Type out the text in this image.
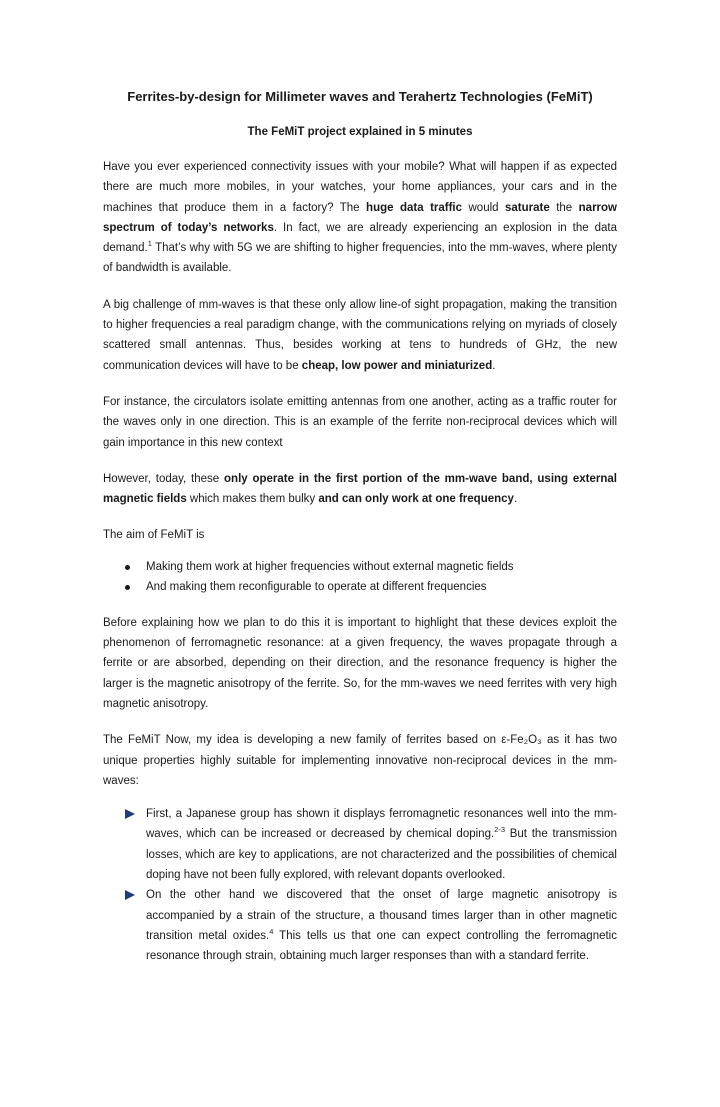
Ferrites-by-design for Millimeter waves and Terahertz Technologies (FeMiT)
The FeMiT project explained in 5 minutes

Have you ever experienced connectivity issues with your mobile? What will happen if as expected there are much more mobiles, in your watches, your home appliances, your cars and in the machines that produce them in a factory? The huge data traffic would saturate the narrow spectrum of today’s networks. In fact, we are already experiencing an explosion in the data demand.$^1$ That’s why with 5G we are shifting to higher frequencies, into the mm-waves, where plenty of bandwidth is available.

A big challenge of mm-waves is that these only allow line-of sight propagation, making the transition to higher frequencies a real paradigm change, with the communications relying on myriads of closely scattered small antennas. Thus, besides working at tens to hundreds of GHz, the new communication devices will have to be cheap, low power and miniaturized.

For instance, the circulators isolate emitting antennas from one another, acting as a traffic router for the waves only in one direction. This is an example of the ferrite non-reciprocal devices which will gain importance in this new context

However, today, these only operate in the first portion of the mm-wave band, using external magnetic fields which makes them bulky and can only work at one frequency.

The aim of FeMiT is

Making them work at higher frequencies without external magnetic fields
And making them reconfigurable to operate at different frequencies

Before explaining how we plan to do this it is important to highlight that these devices exploit the phenomenon of ferromagnetic resonance: at a given frequency, the waves propagate through a ferrite or are absorbed, depending on their direction, and the resonance frequency is higher the larger is the magnetic anisotropy of the ferrite. So, for the mm-waves we need ferrites with very high magnetic anisotropy.

The FeMiT Now, my idea is developing a new family of ferrites based on ε-Fe₂O₃ as it has two unique properties highly suitable for implementing innovative non-reciprocal devices in the mm-waves:

First, a Japanese group has shown it displays ferromagnetic resonances well into the mm-waves, which can be increased or decreased by chemical doping.$^{2-3}$ But the transmission losses, which are key to applications, are not characterized and the possibilities of chemical doping have not been fully explored, with relevant dopants overlooked.
On the other hand we discovered that the onset of large magnetic anisotropy is accompanied by a strain of the structure, a thousand times larger than in other magnetic transition metal oxides.$^4$ This tells us that one can expect controlling the ferromagnetic resonance through strain, obtaining much larger responses than with a standard ferrite.
